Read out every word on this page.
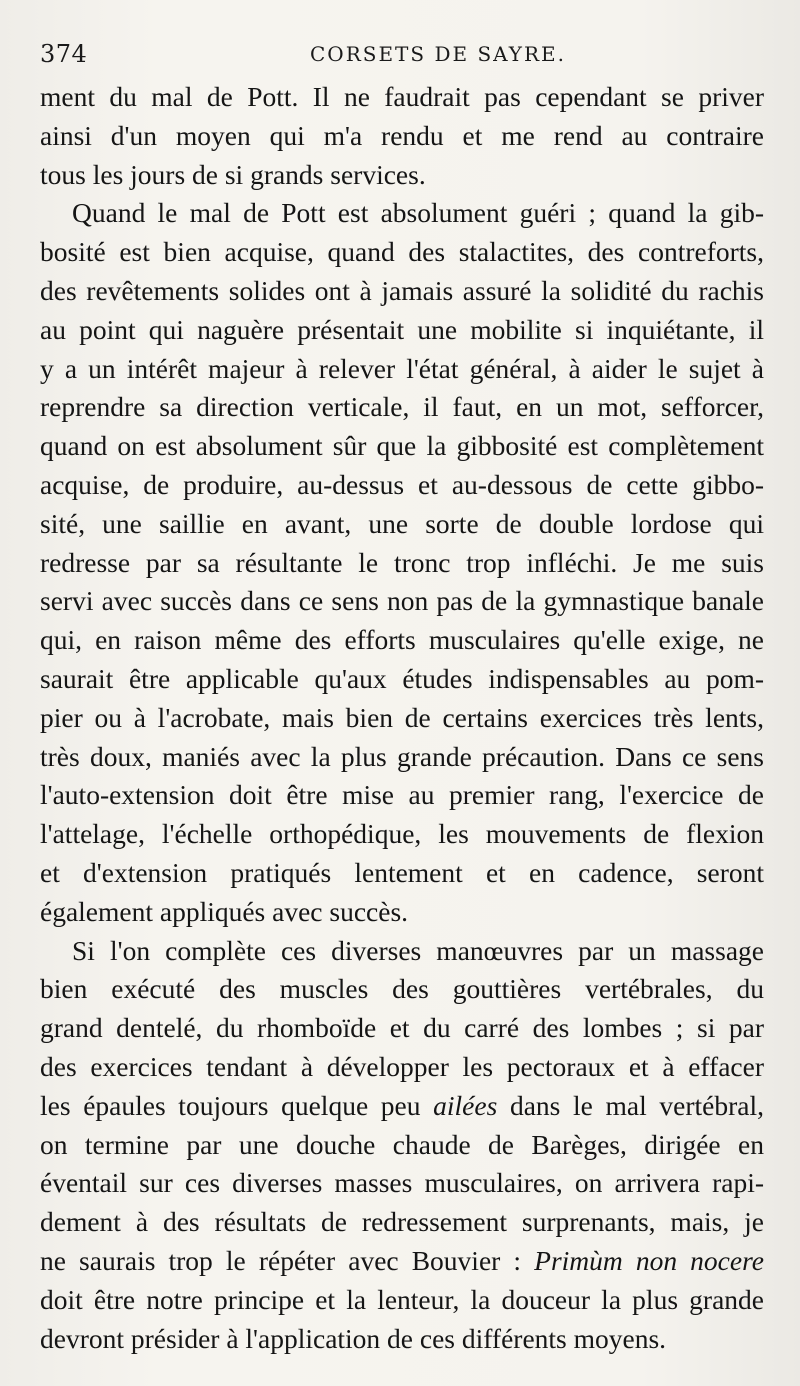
374	CORSETS DE SAYRE.
ment du mal de Pott. Il ne faudrait pas cependant se priver
ainsi d'un moyen qui m'a rendu et me rend au contraire
tous les jours de si grands services.
Quand le mal de Pott est absolument guéri ; quand la gib-
bosité est bien acquise, quand des stalactites, des contreforts,
des revêtements solides ont à jamais assuré la solidité du rachis
au point qui naguère présentait une mobilite si inquiétante, il
y a un intérêt majeur à relever l'état général, à aider le sujet à
reprendre sa direction verticale, il faut, en un mot, sefforcer,
quand on est absolument sûr que la gibbosité est complètement
acquise, de produire, au-dessus et au-dessous de cette gibbo-
sité, une saillie en avant, une sorte de double lordose qui
redresse par sa résultante le tronc trop infléchi. Je me suis
servi avec succès dans ce sens non pas de la gymnastique banale
qui, en raison même des efforts musculaires qu'elle exige, ne
saurait être applicable qu'aux études indispensables au pom-
pier ou à l'acrobate, mais bien de certains exercices très lents,
très doux, maniés avec la plus grande précaution. Dans ce sens
l'auto-extension doit être mise au premier rang, l'exercice de
l'attelage, l'échelle orthopédique, les mouvements de flexion
et d'extension pratiqués lentement et en cadence, seront
également appliqués avec succès.
Si l'on complète ces diverses manœuvres par un massage
bien exécuté des muscles des gouttières vertébrales, du
grand dentelé, du rhomboïde et du carré des lombes ; si par
des exercices tendant à développer les pectoraux et à effacer
les épaules toujours quelque peu ailées dans le mal vertébral,
on termine par une douche chaude de Barèges, dirigée en
éventail sur ces diverses masses musculaires, on arrivera rapi-
dement à des résultats de redressement surprenants, mais, je
ne saurais trop le répéter avec Bouvier : Primùm non nocere
doit être notre principe et la lenteur, la douceur la plus grande
devront présider à l'application de ces différents moyens.
